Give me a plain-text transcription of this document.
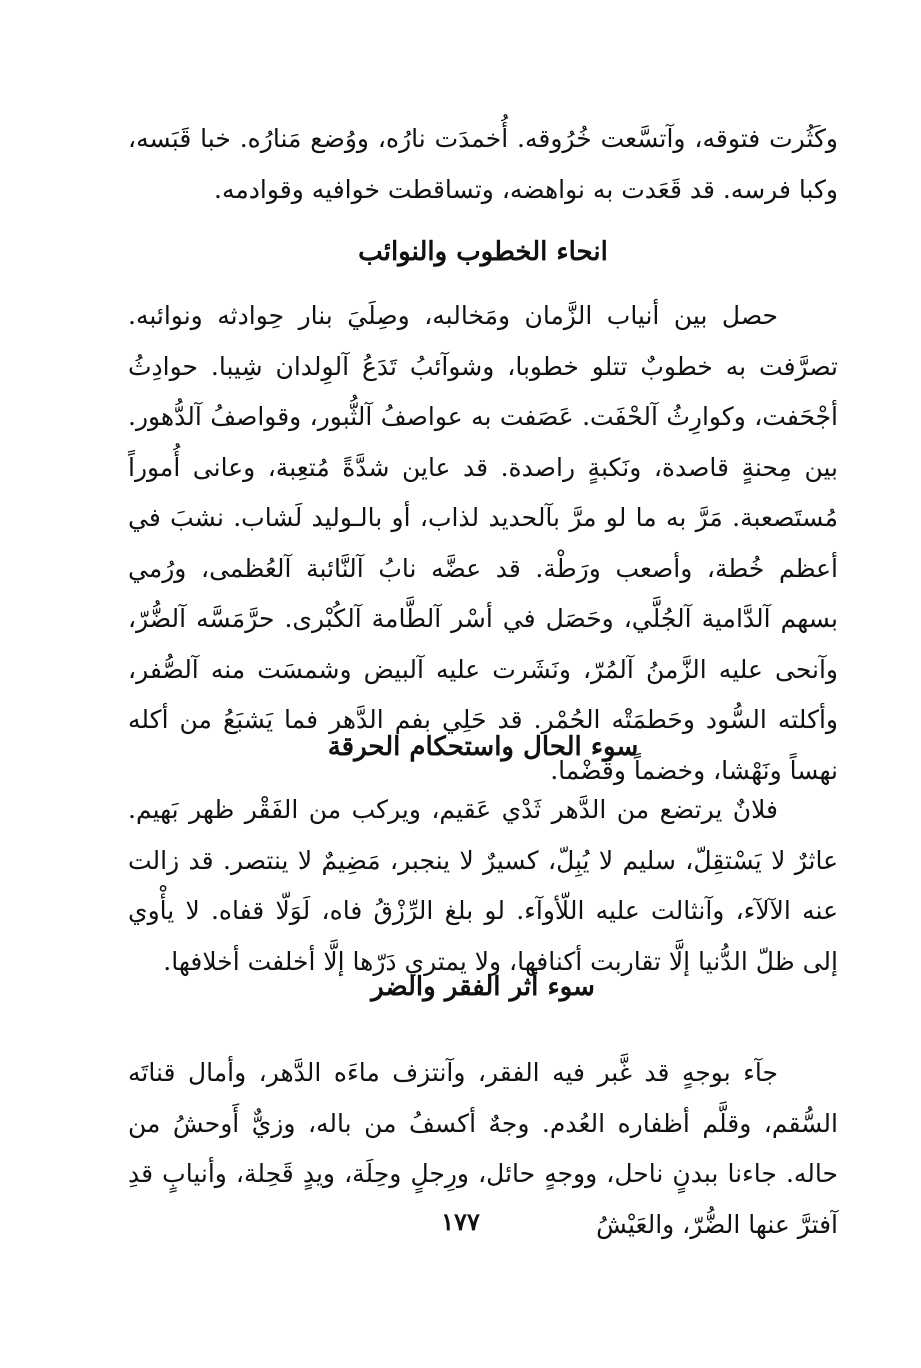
وكَثُرت فتوقه، وآتسَّعت خُرُوقه. أُخمدَت نارُه، ووُضع مَنارُه. خبا قَبَسه، وكبا فرسه. قد قَعَدت به نواهضه، وتساقطت خوافيه وقوادمه.
انحاء الخطوب والنوائب
حصل بين أنياب الزَّمان ومَخالبه، وصِلَيَ بنار حِوادثه ونوائبه. تصرَّفت به خطوبٌ تتلو خطوبا، وشوآئبُ تَدَعُ آلوِلدان شِيبا. حوادِثُ أجْحَفت، وكوارِثُ آلحْفَت. عَصَفت به عواصفُ آلثُّبور، وقواصفُ آلدُّهور. بين مِحنةٍ قاصدة، ونَكبةٍ راصدة. قد عاين شدَّةً مُتعِبة، وعانى أُموراً مُستَصعبة. مَرَّ به ما لو مرَّ بآلحديد لذاب، أو بالـوليد لَشاب. نشبَ في أعظم خُطة، وأصعب ورَطْة. قد عضَّه نابُ آلنَّائبة آلعُظمى، ورُمي بسهم آلدَّامية آلجُلَّي، وحَصَل في أسْر آلطَّامة آلكُبْرى. حرَّمَسَّه آلضُّرّ، وآنحى عليه الزَّمنُ آلمُرّ، ونَشَرت عليه آلبيض وشمسَت منه آلصُّفر، وأكلته السُّود وحَطمَتْه الحُمْر. قد حَلِي بفم الدَّهر فما يَشبَعُ من أكله نهساً ونَهْشا، وخضماً وقَضْما.
سوء الحال واستحكام الحرقة
فلانٌ يرتضع من الدَّهر ثَدْي عَقيم، ويركب من الفَقْر ظهر بَهيم. عاثرٌ لا يَسْتقِلّ، سليم لا يُبِلّ، كسيرٌ لا ينجبر، مَضِيمٌ لا ينتصر. قد زالت عنه الآلآء، وآنثالت عليه اللّأوآء. لو بلغ الرِّزْقُ فاه، لَوَلّا قفاه. لا يأْوي إلى ظلّ الدُّنيا إلَّا تقاربت أكنافها، ولا يمتري دَرّها إلَّا أخلفت أخلافها.
سوء أثر الفقر والضر
جآء بوجهٍ قد غَّبر فيه الفقر، وآنتزف ماءَه الدَّهر، وأمال قناتَه السُّقم، وقلَّم أظفاره العُدم. وجهٌ أكسفُ من باله، وزيٌّ أَوحشُ من حاله. جاءنا ببدنٍ ناحل، ووجهٍ حائل، ورِجلٍ وحِلَة، ويدٍ قَحِلة، وأنيابٍ قدِ آفترَّ عنها الضُّرّ، والعَيْشُ
١٧٧
